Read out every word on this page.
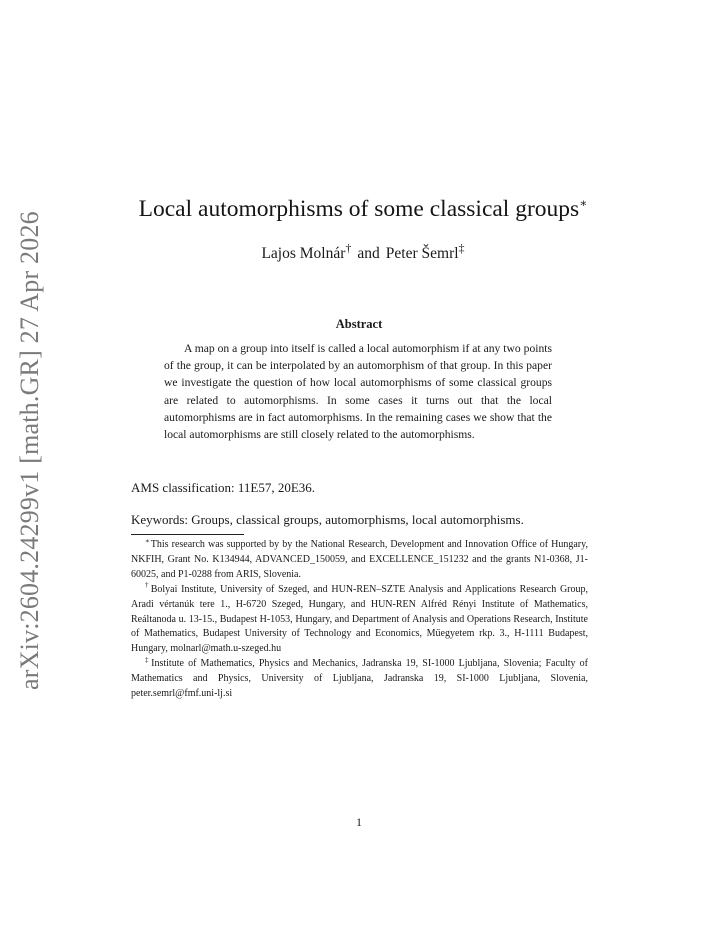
arXiv:2604.24299v1 [math.GR] 27 Apr 2026
Local automorphisms of some classical groups∗
Lajos Molnár† and Peter Šemrl‡
Abstract

A map on a group into itself is called a local automorphism if at any two points of the group, it can be interpolated by an automorphism of that group. In this paper we investigate the question of how local automorphisms of some classical groups are related to automorphisms. In some cases it turns out that the local automorphisms are in fact automorphisms. In the remaining cases we show that the local automorphisms are still closely related to the automorphisms.

AMS classification: 11E57, 20E36.
Keywords: Groups, classical groups, automorphisms, local automorphisms.

∗This research was supported by by the National Research, Development and Innovation Office of Hungary, NKFIH, Grant No. K134944, ADVANCED_150059, and EXCELLENCE_151232 and the grants N1-0368, J1-60025, and P1-0288 from ARIS, Slovenia.

†Bolyai Institute, University of Szeged, and HUN-REN–SZTE Analysis and Applications Research Group, Aradi vértanúk tere 1., H-6720 Szeged, Hungary, and HUN-REN Alfréd Rényi Institute of Mathematics, Reáltanoda u. 13-15., Budapest H-1053, Hungary, and Department of Analysis and Operations Research, Institute of Mathematics, Budapest University of Technology and Economics, Műegyetem rkp. 3., H-1111 Budapest, Hungary, molnarl@math.u-szeged.hu

‡Institute of Mathematics, Physics and Mechanics, Jadranska 19, SI-1000 Ljubljana, Slovenia; Faculty of Mathematics and Physics, University of Ljubljana, Jadranska 19, SI-1000 Ljubljana, Slovenia, peter.semrl@fmf.uni-lj.si

1
